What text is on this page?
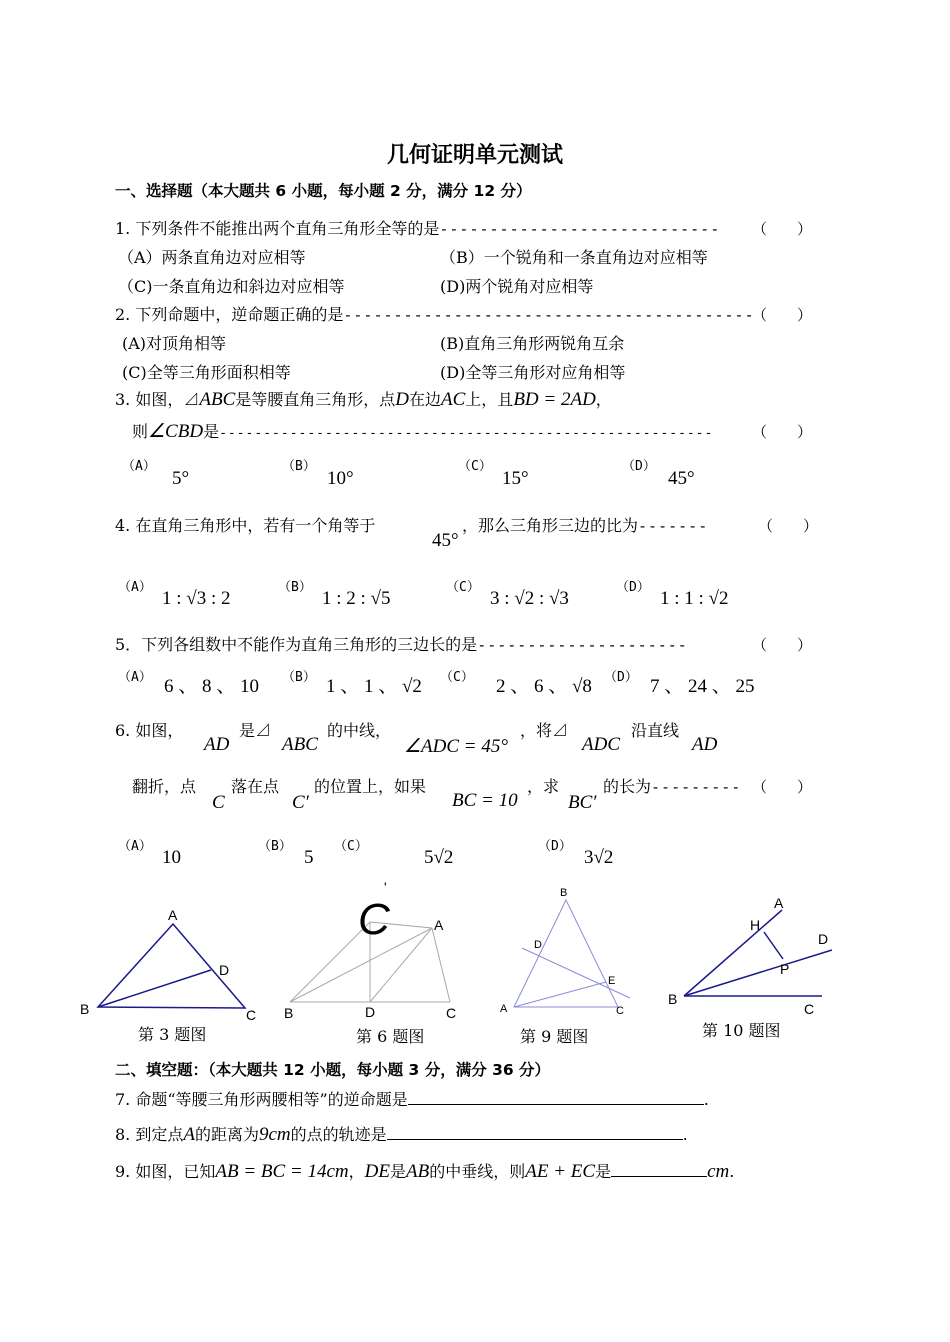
几何证明单元测试
一、选择题（本大题共 6 小题，每小题 2 分，满分 12 分）
1. 下列条件不能推出两个直角三角形全等的是---------------------------- （　　）
（A）两条直角边对应相等	（B）一个锐角和一条直角边对应相等
（C)一条直角边和斜边对应相等	(D)两个锐角对应相等
2. 下列命题中，逆命题正确的是-----------------------------------------
（　　）
(A)对顶角相等	(B)直角三角形两锐角互余
(C)全等三角形面积相等	(D)全等三角形对应角相等
3. 如图，⊿ABC是等腰直角三角形，点D在边AC上，且BD = 2AD，
则∠CBD是--------------------------------------------------------	（　　）
（A）
5°
（B）
10°
（C）
15°
（D）
45°
4. 在直角三角形中，若有一个角等于
45°
，那么三角形三边的比为-------	（　　）
（A）
1 : √3 : 2
（B）
1 : 2 : √5
（C）
3 : √2 : √3
（D）
1 : 1 : √2
5．下列各组数中不能作为直角三角形的三边长的是---------------------	（　　）
（A） 6 、 8 、 10 （B） 1 、 1 、 √2 （C） 2 、 6 、 √8 （D） 7 、 24 、 25
6. 如图，
AD
是⊿
ABC
的中线，
∠ADC = 45°
，将⊿
ADC
沿直线
AD
翻折，点
C
落在点
C′
的位置上，如果
BC = 10
，求
BC′
的长为--------- （　　）
（A）
10
（B）
5
（C）
5√2
（D）
3√2
A
B	C
D
第 3 题图
C
'
A
B	C
D
第 6 题图
B
D
E
A	C
第 9 题图
A
H
D
P
B
C
第 10 题图
二、填空题：（本大题共 12 小题，每小题 3 分，满分 36 分）
7. 命题“等腰三角形两腰相等”的逆命题是	.
8. 到定点A的距离为9cm的点的轨迹是	.
9. 如图，已知AB = BC = 14cm，DE是AB的中垂线，则AE + EC是	cm.
